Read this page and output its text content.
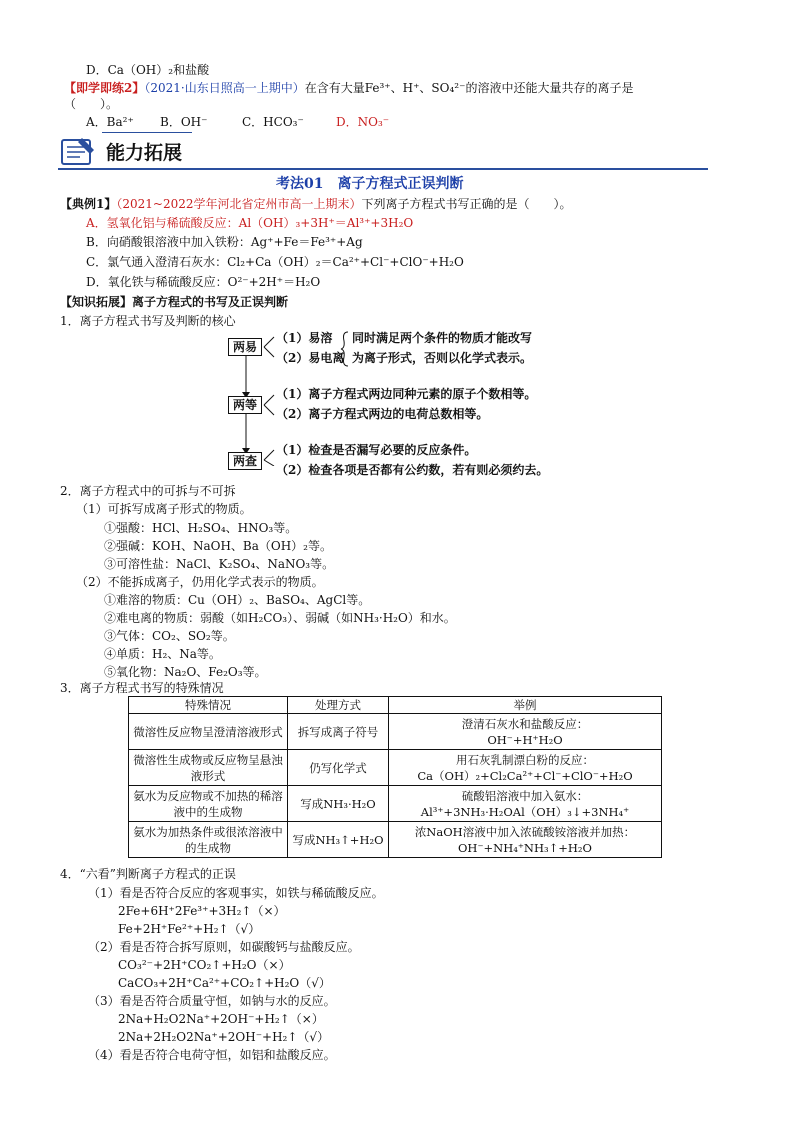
D．Ca（OH）₂和盐酸
【即学即练2】（2021·山东日照高一上期中）在含有大量Fe³⁺、H⁺、SO₄²⁻的溶液中还能大量共存的离子是
（　　）。
A．Ba²⁺ B．OH⁻	C．HCO₃⁻	D．NO₃⁻
能力拓展
考法01　离子方程式正误判断
【典例1】（2021~2022学年河北省定州市高一上期末）下列离子方程式书写正确的是（　　）。
A．氢氧化铝与稀硫酸反应：Al（OH）₃+3H⁺＝Al³⁺+3H₂O
B．向硝酸银溶液中加入铁粉：Ag⁺+Fe＝Fe³⁺+Ag
C．氯气通入澄清石灰水：Cl₂+Ca（OH）₂＝Ca²⁺+Cl⁻+ClO⁻+H₂O
D．氧化铁与稀硫酸反应：O²⁻+2H⁺＝H₂O
【知识拓展】离子方程式的书写及正误判断
1．离子方程式书写及判断的核心
两易
两等
两查
（1）易溶
（2）易电离
同时满足两个条件的物质才能改写
为离子形式，否则以化学式表示。
（1）离子方程式两边同种元素的原子个数相等。
（2）离子方程式两边的电荷总数相等。
（1）检查是否漏写必要的反应条件。
（2）检查各项是否都有公约数，若有则必须约去。
2．离子方程式中的可拆与不可拆
（1）可拆写成离子形式的物质。
①强酸：HCl、H₂SO₄、HNO₃等。
②强碱：KOH、NaOH、Ba（OH）₂等。
③可溶性盐：NaCl、K₂SO₄、NaNO₃等。
（2）不能拆成离子，仍用化学式表示的物质。
①难溶的物质：Cu（OH）₂、BaSO₄、AgCl等。
②难电离的物质：弱酸（如H₂CO₃）、弱碱（如NH₃·H₂O）和水。
③气体：CO₂、SO₂等。
④单质：H₂、Na等。
⑤氧化物：Na₂O、Fe₂O₃等。
3．离子方程式书写的特殊情况
特殊情况	处理方式	举例
微溶性反应物呈澄清溶液形式	拆写成离子符号	澄清石灰水和盐酸反应：
OH⁻+H⁺H₂O

微溶性生成物或反应物呈悬浊液形式	仍写化学式	用石灰乳制漂白粉的反应：
Ca（OH）₂+Cl₂Ca²⁺+Cl⁻+ClO⁻+H₂O

氨水为反应物或不加热的稀溶液中的生成物	写成NH₃·H₂O	硫酸铝溶液中加入氨水：
Al³⁺+3NH₃·H₂OAl（OH）₃↓+3NH₄⁺

氨水为加热条件或很浓溶液中的生成物	写成NH₃↑+H₂O	浓NaOH溶液中加入浓硫酸铵溶液并加热：
OH⁻+NH₄⁺NH₃↑+H₂O
4．“六看”判断离子方程式的正误
（1）看是否符合反应的客观事实，如铁与稀硫酸反应。
2Fe+6H⁺2Fe³⁺+3H₂↑（×）
Fe+2H⁺Fe²⁺+H₂↑（√）
（2）看是否符合拆写原则，如碳酸钙与盐酸反应。
CO₃²⁻+2H⁺CO₂↑+H₂O（×）
CaCO₃+2H⁺Ca²⁺+CO₂↑+H₂O（√）
（3）看是否符合质量守恒，如钠与水的反应。
2Na+H₂O2Na⁺+2OH⁻+H₂↑（×）
2Na+2H₂O2Na⁺+2OH⁻+H₂↑（√）
（4）看是否符合电荷守恒，如铝和盐酸反应。
